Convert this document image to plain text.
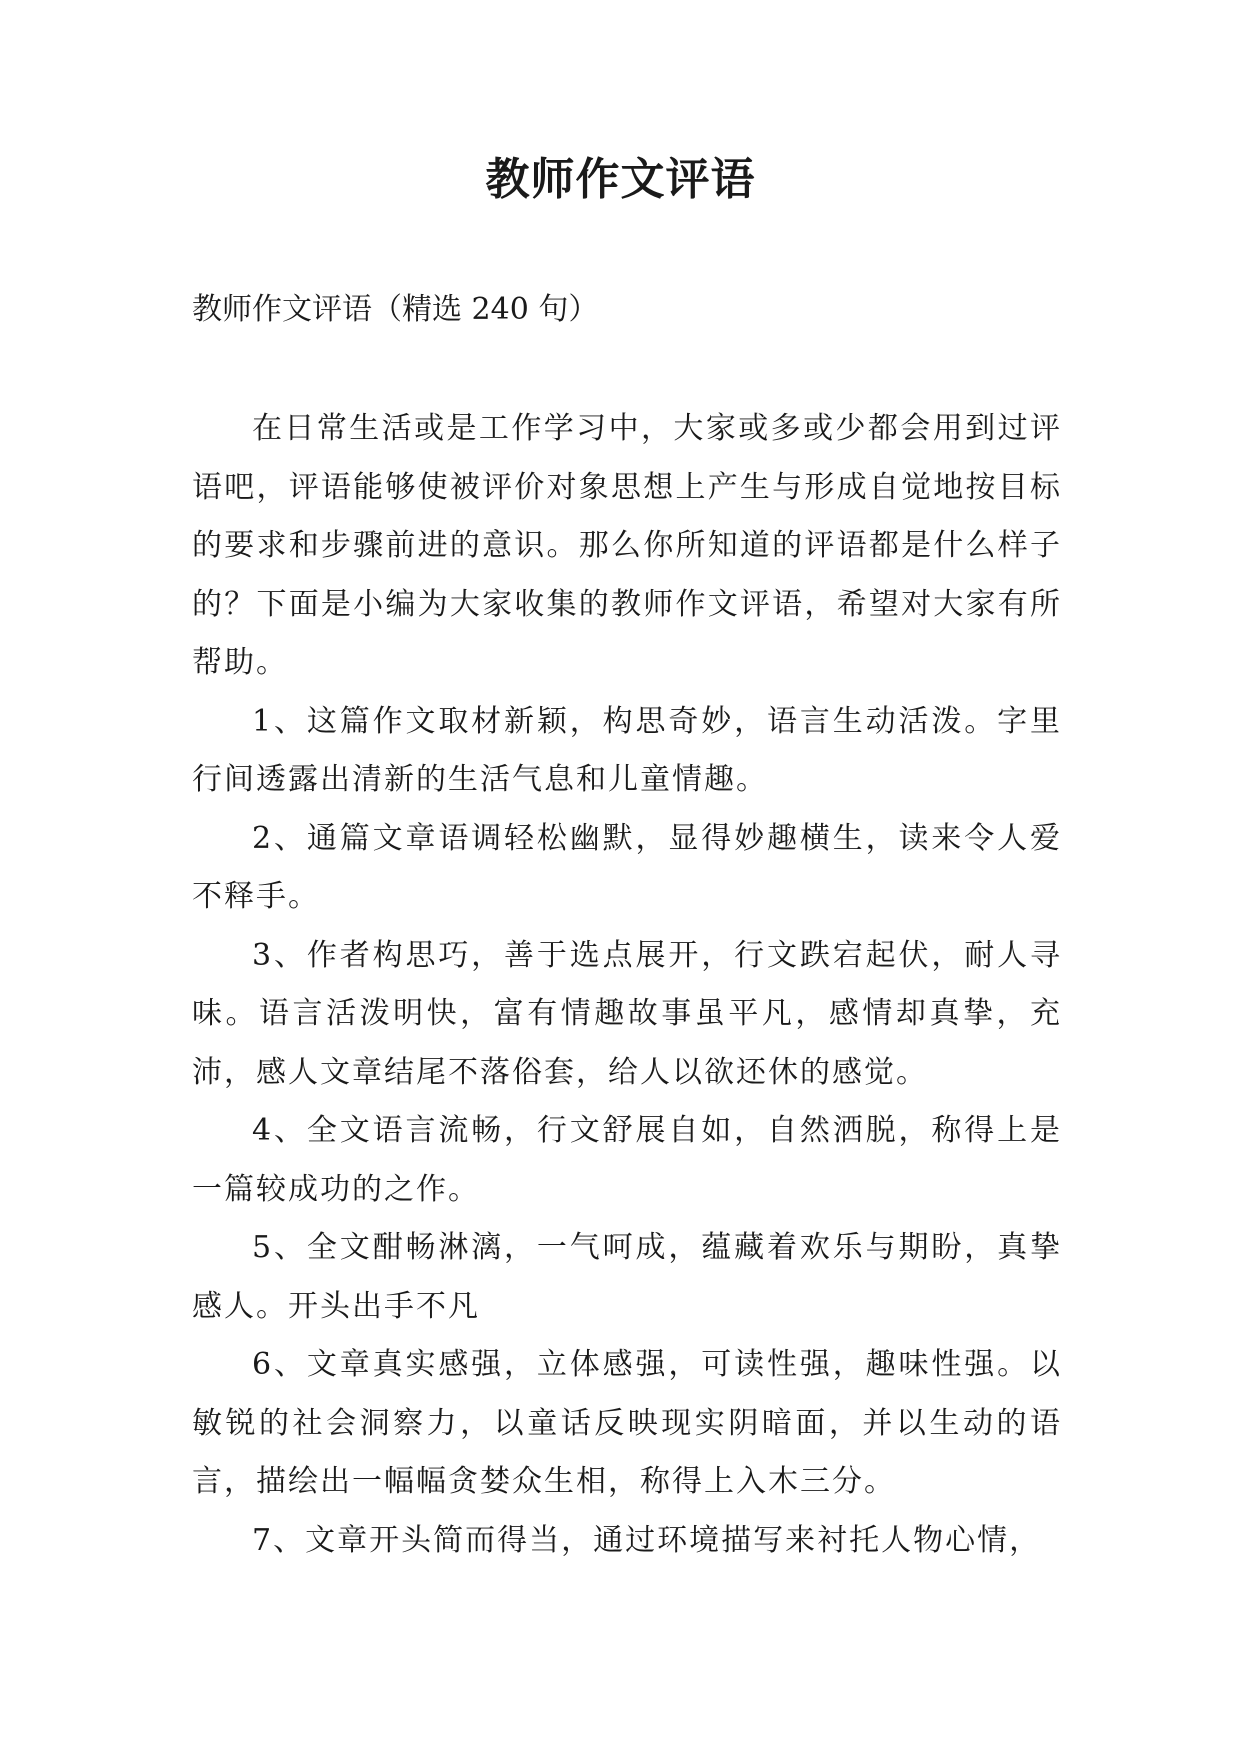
教师作文评语
教师作文评语（精选 240 句）

在日常生活或是工作学习中，大家或多或少都会用到过评语吧，评语能够使被评价对象思想上产生与形成自觉地按目标的要求和步骤前进的意识。那么你所知道的评语都是什么样子的？下面是小编为大家收集的教师作文评语，希望对大家有所帮助。

1、这篇作文取材新颖，构思奇妙，语言生动活泼。字里行间透露出清新的生活气息和儿童情趣。

2、通篇文章语调轻松幽默，显得妙趣横生，读来令人爱不释手。

3、作者构思巧，善于选点展开，行文跌宕起伏，耐人寻味。语言活泼明快，富有情趣故事虽平凡，感情却真挚，充沛，感人文章结尾不落俗套，给人以欲还休的感觉。

4、全文语言流畅，行文舒展自如，自然洒脱，称得上是一篇较成功的之作。

5、全文酣畅淋漓，一气呵成，蕴藏着欢乐与期盼，真挚感人。开头出手不凡

6、文章真实感强，立体感强，可读性强，趣味性强。以敏锐的社会洞察力，以童话反映现实阴暗面，并以生动的语言，描绘出一幅幅贪婪众生相，称得上入木三分。

7、文章开头简而得当，通过环境描写来衬托人物心情，
